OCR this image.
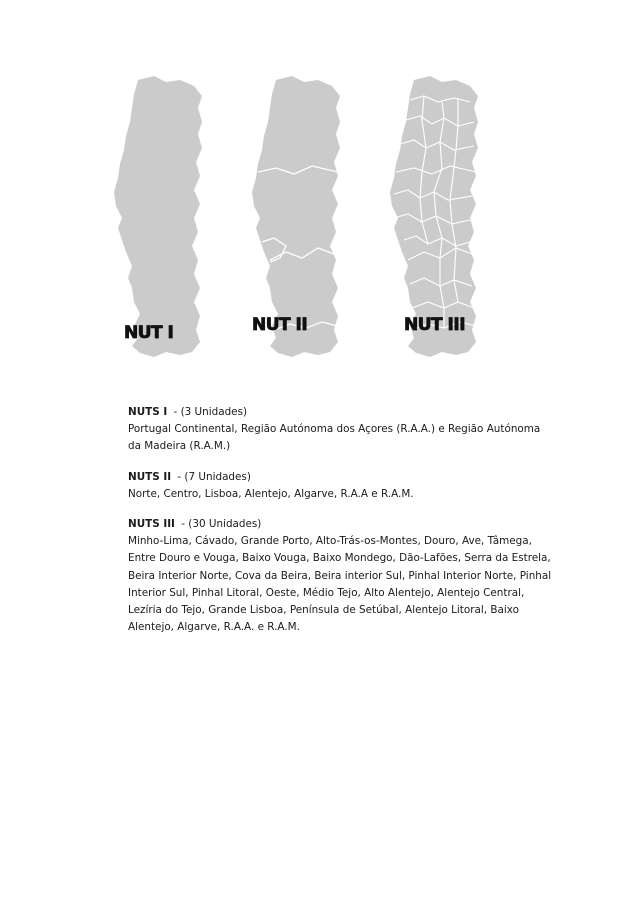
NUT I	NUT II	NUT III

NUTS I - (3 Unidades)
Portugal Continental, Região Autónoma dos Açores (R.A.A.) e Região Autónoma da Madeira (R.A.M.)

NUTS II - (7 Unidades)
Norte, Centro, Lisboa, Alentejo, Algarve, R.A.A e R.A.M.

NUTS III - (30 Unidades)
Minho-Lima, Cávado, Grande Porto, Alto-Trás-os-Montes, Douro, Ave, Tâmega, Entre Douro e Vouga, Baixo Vouga, Baixo Mondego, Dão-Lafões, Serra da Estrela, Beira Interior Norte, Cova da Beira, Beira interior Sul, Pinhal Interior Norte, Pinhal Interior Sul, Pinhal Litoral, Oeste, Médio Tejo, Alto Alentejo, Alentejo Central, Lezíria do Tejo, Grande Lisboa, Península de Setúbal, Alentejo Litoral, Baixo Alentejo, Algarve, R.A.A. e R.A.M.
